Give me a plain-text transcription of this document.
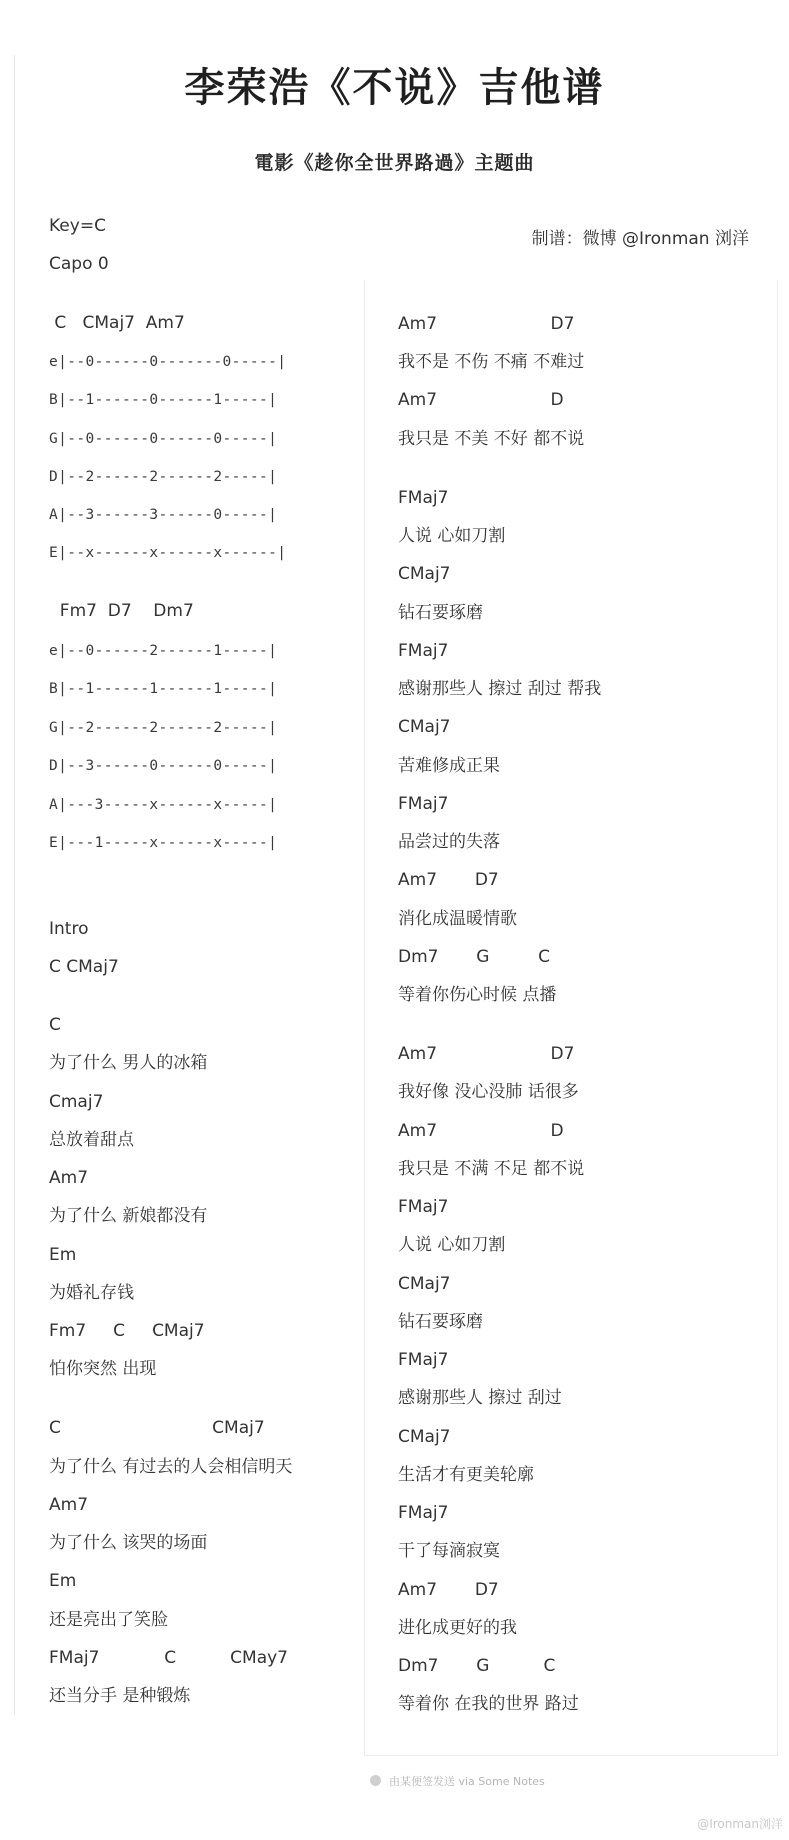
李荣浩《不说》吉他谱
電影《趁你全世界路過》主题曲
Key=C
Capo 0
制谱：微博 @Ironman 浏洋
C   CMaj7  Am7
e|--0------0-------0-----|
B|--1------0------1-----|
G|--0------0------0-----|
D|--2------2------2-----|
A|--3------3------0-----|
E|--x------x------x------|
Fm7  D7    Dm7
e|--0------2------1-----|
B|--1------1------1-----|
G|--2------2------2-----|
D|--3------0------0-----|
A|---3-----x------x-----|
E|---1-----x------x-----|
Intro
C CMaj7
C
为了什么 男人的冰箱
Cmaj7
总放着甜点
Am7
为了什么 新娘都没有
Em
为婚礼存钱
Fm7     C     CMaj7
怕你突然 出现
C                            CMaj7
为了什么 有过去的人会相信明天
Am7
为了什么 该哭的场面
Em
还是亮出了笑脸
FMaj7            C          CMay7
还当分手 是种锻炼
Am7                     D7
我不是 不伤 不痛 不难过
Am7                     D
我只是 不美 不好 都不说
FMaj7
人说 心如刀割
CMaj7
钻石要琢磨
FMaj7
感谢那些人 擦过 刮过 帮我
CMaj7
苦难修成正果
FMaj7
品尝过的失落
Am7       D7
消化成温暖情歌
Dm7       G         C
等着你伤心时候 点播
Am7                     D7
我好像 没心没肺 话很多
Am7                     D
我只是 不满 不足 都不说
FMaj7
人说 心如刀割
CMaj7
钻石要琢磨
FMaj7
感谢那些人 擦过 刮过
CMaj7
生活才有更美轮廓
FMaj7
干了每滴寂寞
Am7       D7
进化成更好的我
Dm7       G          C
等着你 在我的世界 路过
由某便签发送 via Some Notes
@Ironman浏洋
